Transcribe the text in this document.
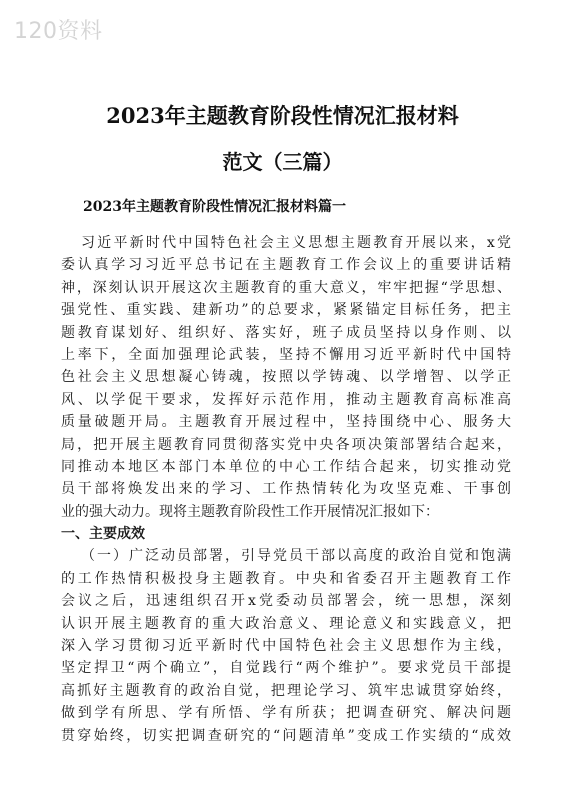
120资料
2023年主题教育阶段性情况汇报材料
范文（三篇）
2023年主题教育阶段性情况汇报材料篇一
习近平新时代中国特色社会主义思想主题教育开展以来，x党
委认真学习习近平总书记在主题教育工作会议上的重要讲话精
神，深刻认识开展这次主题教育的重大意义，牢牢把握“学思想、
强党性、重实践、建新功”的总要求，紧紧锚定目标任务，把主
题教育谋划好、组织好、落实好，班子成员坚持以身作则、以
上率下，全面加强理论武装，坚持不懈用习近平新时代中国特
色社会主义思想凝心铸魂，按照以学铸魂、以学增智、以学正
风、以学促干要求，发挥好示范作用，推动主题教育高标准高
质量破题开局。主题教育开展过程中，坚持围绕中心、服务大
局，把开展主题教育同贯彻落实党中央各项决策部署结合起来，
同推动本地区本部门本单位的中心工作结合起来，切实推动党
员干部将焕发出来的学习、工作热情转化为攻坚克难、干事创
业的强大动力。现将主题教育阶段性工作开展情况汇报如下：
一、主要成效
（一）广泛动员部署，引导党员干部以高度的政治自觉和饱满
的工作热情积极投身主题教育。中央和省委召开主题教育工作
会议之后，迅速组织召开x党委动员部署会，统一思想，深刻
认识开展主题教育的重大政治意义、理论意义和实践意义，把
深入学习贯彻习近平新时代中国特色社会主义思想作为主线，
坚定捍卫“两个确立”，自觉践行“两个维护”。要求党员干部提
高抓好主题教育的政治自觉，把理论学习、筑牢忠诚贯穿始终，
做到学有所思、学有所悟、学有所获；把调查研究、解决问题
贯穿始终，切实把调查研究的“问题清单”变成工作实绩的“成效
